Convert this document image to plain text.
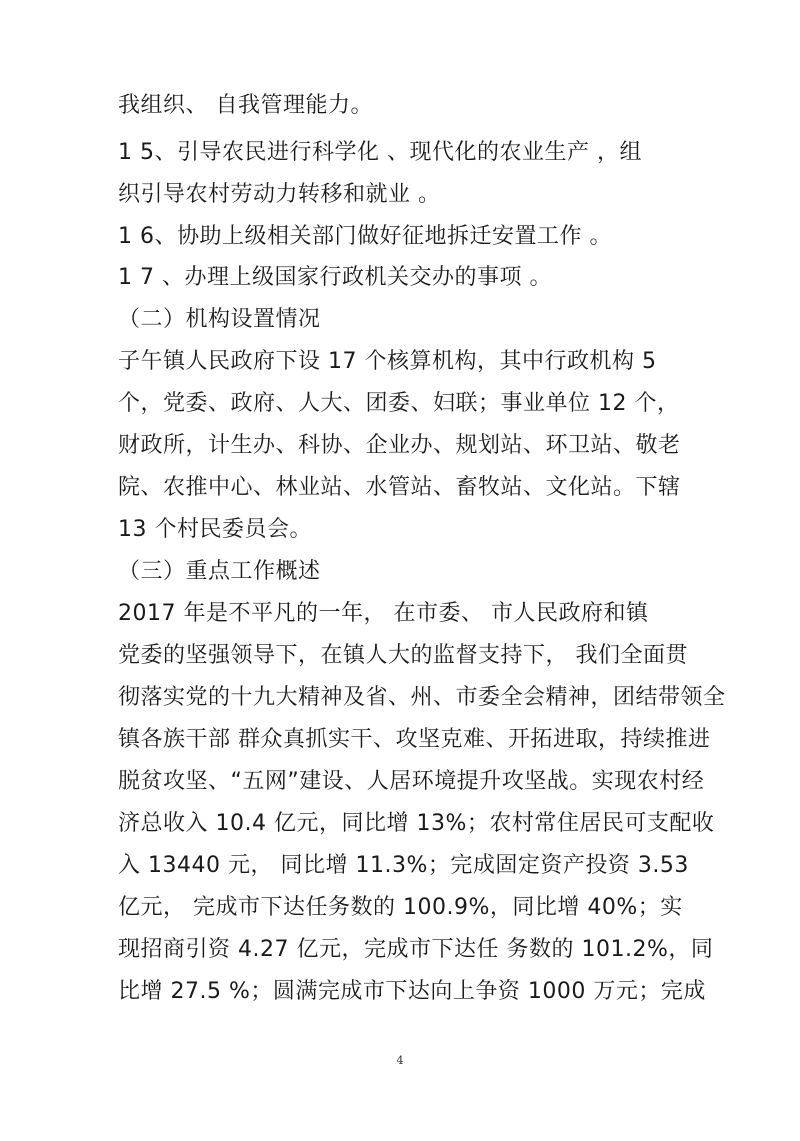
我组织、 自我管理能力。
1 5、引导农民进行科学化 、现代化的农业生产 ，组
织引导农村劳动力转移和就业 。
1 6、协助上级相关部门做好征地拆迁安置工作 。
1 7 、办理上级国家行政机关交办的事项 。
（二）机构设置情况
子午镇人民政府下设 17 个核算机构，其中行政机构 5
个，党委、政府、人大、团委、妇联；事业单位 12 个，
财政所，计生办、科协、企业办、规划站、环卫站、敬老
院、农推中心、林业站、水管站、畜牧站、文化站。下辖
13 个村民委员会。
（三）重点工作概述
2017 年是不平凡的一年， 在市委、 市人民政府和镇
党委的坚强领导下，在镇人大的监督支持下， 我们全面贯
彻落实党的十九大精神及省、州、市委全会精神，团结带领全
镇各族干部 群众真抓实干、攻坚克难、开拓进取，持续推进
脱贫攻坚、“五网”建设、人居环境提升攻坚战。实现农村经
济总收入 10.4 亿元，同比增 13%；农村常住居民可支配收
入 13440 元， 同比增 11.3%；完成固定资产投资 3.53
亿元， 完成市下达任务数的 100.9%，同比增 40%；实
现招商引资 4.27 亿元，完成市下达任 务数的 101.2%，同
比增 27.5 %；圆满完成市下达向上争资 1000 万元；完成
4
